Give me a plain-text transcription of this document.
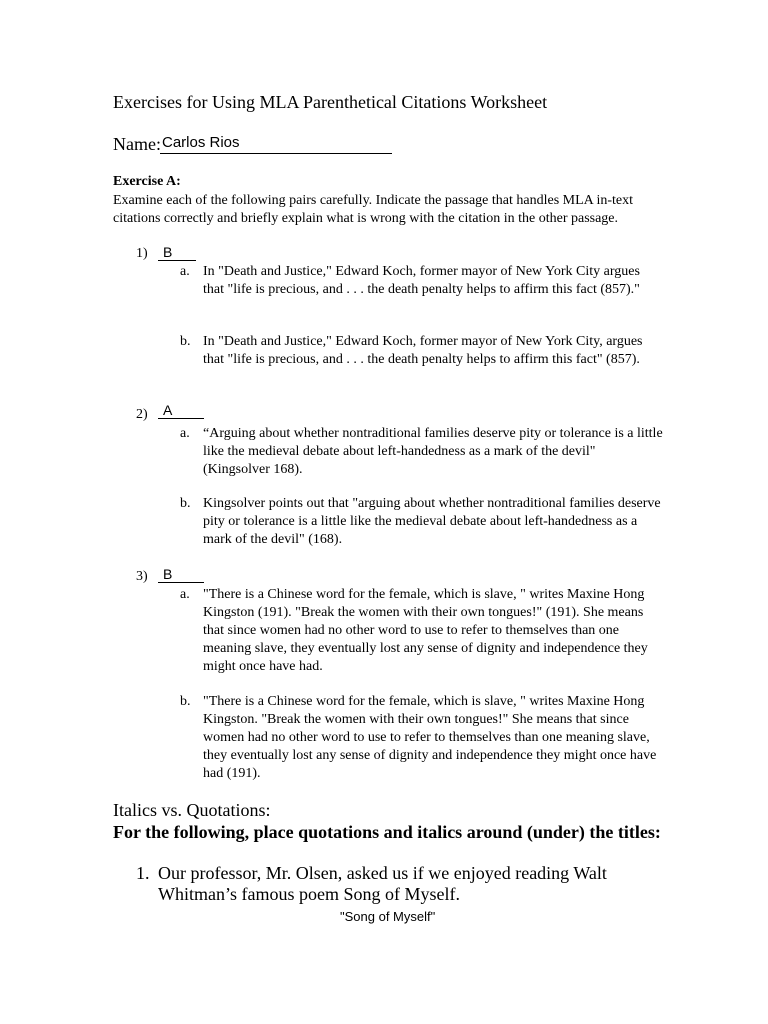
Exercises for Using MLA Parenthetical Citations Worksheet
Name: Carlos Rios
Exercise A:
Examine each of the following pairs carefully. Indicate the passage that handles MLA in-text citations correctly and briefly explain what is wrong with the citation in the other passage.
1)	B
a. In "Death and Justice," Edward Koch, former mayor of New York City argues that "life is precious, and . . . the death penalty helps to affirm this fact (857)."
b. In "Death and Justice," Edward Koch, former mayor of New York City, argues that "life is precious, and . . . the death penalty helps to affirm this fact" (857).
2)	A
a. “Arguing about whether nontraditional families deserve pity or tolerance is a little like the medieval debate about left-handedness as a mark of the devil" (Kingsolver 168).
b. Kingsolver points out that "arguing about whether nontraditional families deserve pity or tolerance is a little like the medieval debate about left-handedness as a mark of the devil" (168).
3)	B
a. "There is a Chinese word for the female, which is slave, " writes Maxine Hong Kingston (191). "Break the women with their own tongues!" (191). She means that since women had no other word to use to refer to themselves than one meaning slave, they eventually lost any sense of dignity and independence they might once have had.
b. "There is a Chinese word for the female, which is slave, " writes Maxine Hong Kingston. "Break the women with their own tongues!" She means that since women had no other word to use to refer to themselves than one meaning slave, they eventually lost any sense of dignity and independence they might once have had (191).
Italics vs. Quotations:
For the following, place quotations and italics around (under) the titles:
1. Our professor, Mr. Olsen, asked us if we enjoyed reading Walt Whitman’s famous poem Song of Myself.
"Song of Myself"
